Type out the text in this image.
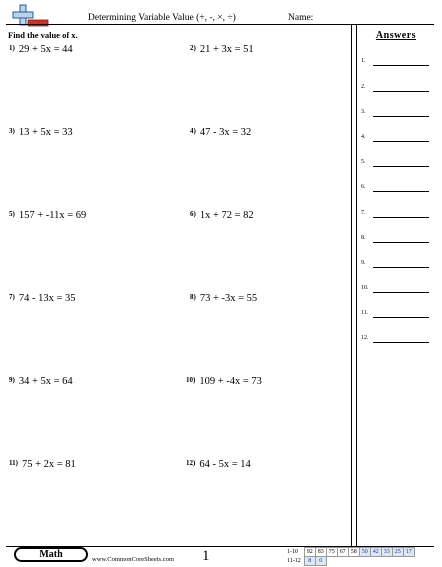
Determining Variable Value (+, -, ×, ÷)	Name:
Find the value of x.	Answers
1) 29 + 5x = 44	2) 21 + 3x = 51
3) 13 + 5x = 33	4) 47 - 3x = 32
5) 157 + -11x = 69	6) 1x + 72 = 82
7) 74 - 13x = 35	8) 73 + -3x = 55
9) 34 + 5x = 64	10) 109 + -4x = 73
11) 75 + 2x = 81	12) 64 - 5x = 14
1.
2.
3.
4.
5.
6.
7.
8.
9.
10.
11.
12.
Math	www.CommonCoreSheets.com 1	1-10	92	83	75	67	58	50	42	33	25	17
11-12	8	0								
